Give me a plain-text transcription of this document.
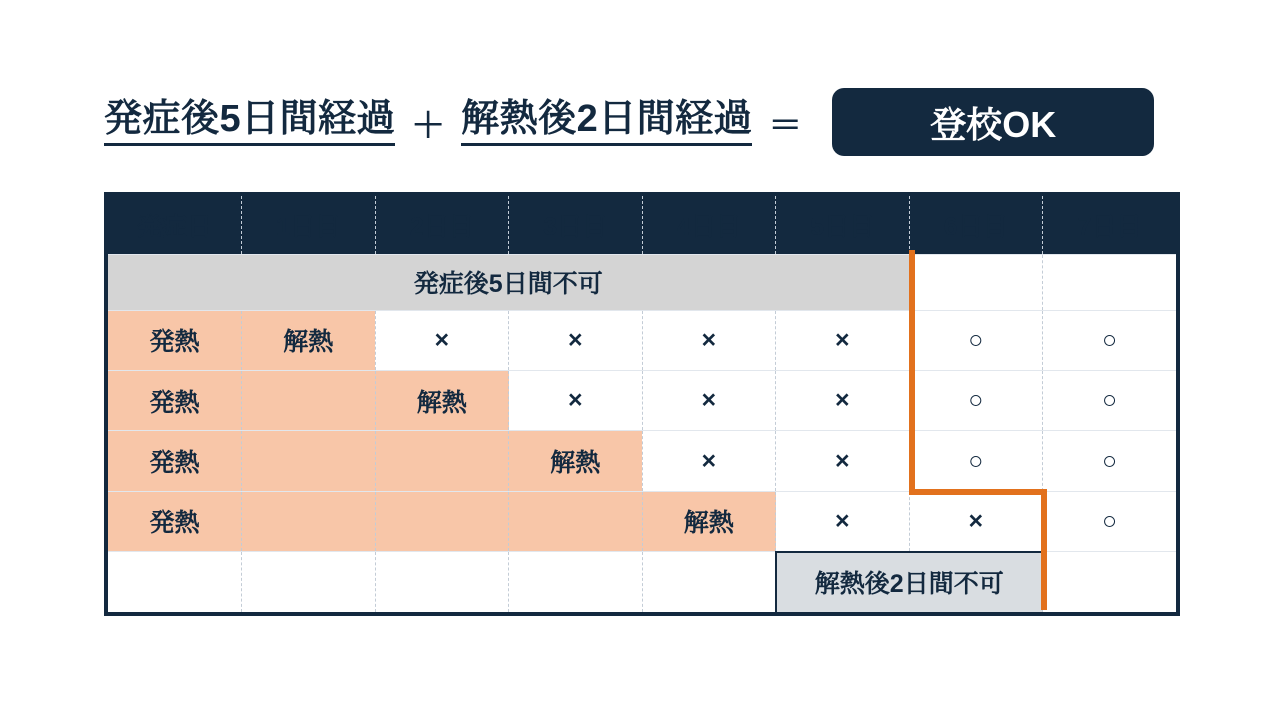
発症後5日間経過 ＋ 解熱後2日間経過 ＝	登校OK
発症日	1日目	2日目	3日目	4日目	5日目	6日目	7日目
発症後5日間不可							
発熱	解熱	×	×	×	×	○	○
発熱		解熱	×	×	×	○	○
発熱			解熱	×	×	○	○
発熱				解熱	×	×	○
					解熱後2日間不可		
